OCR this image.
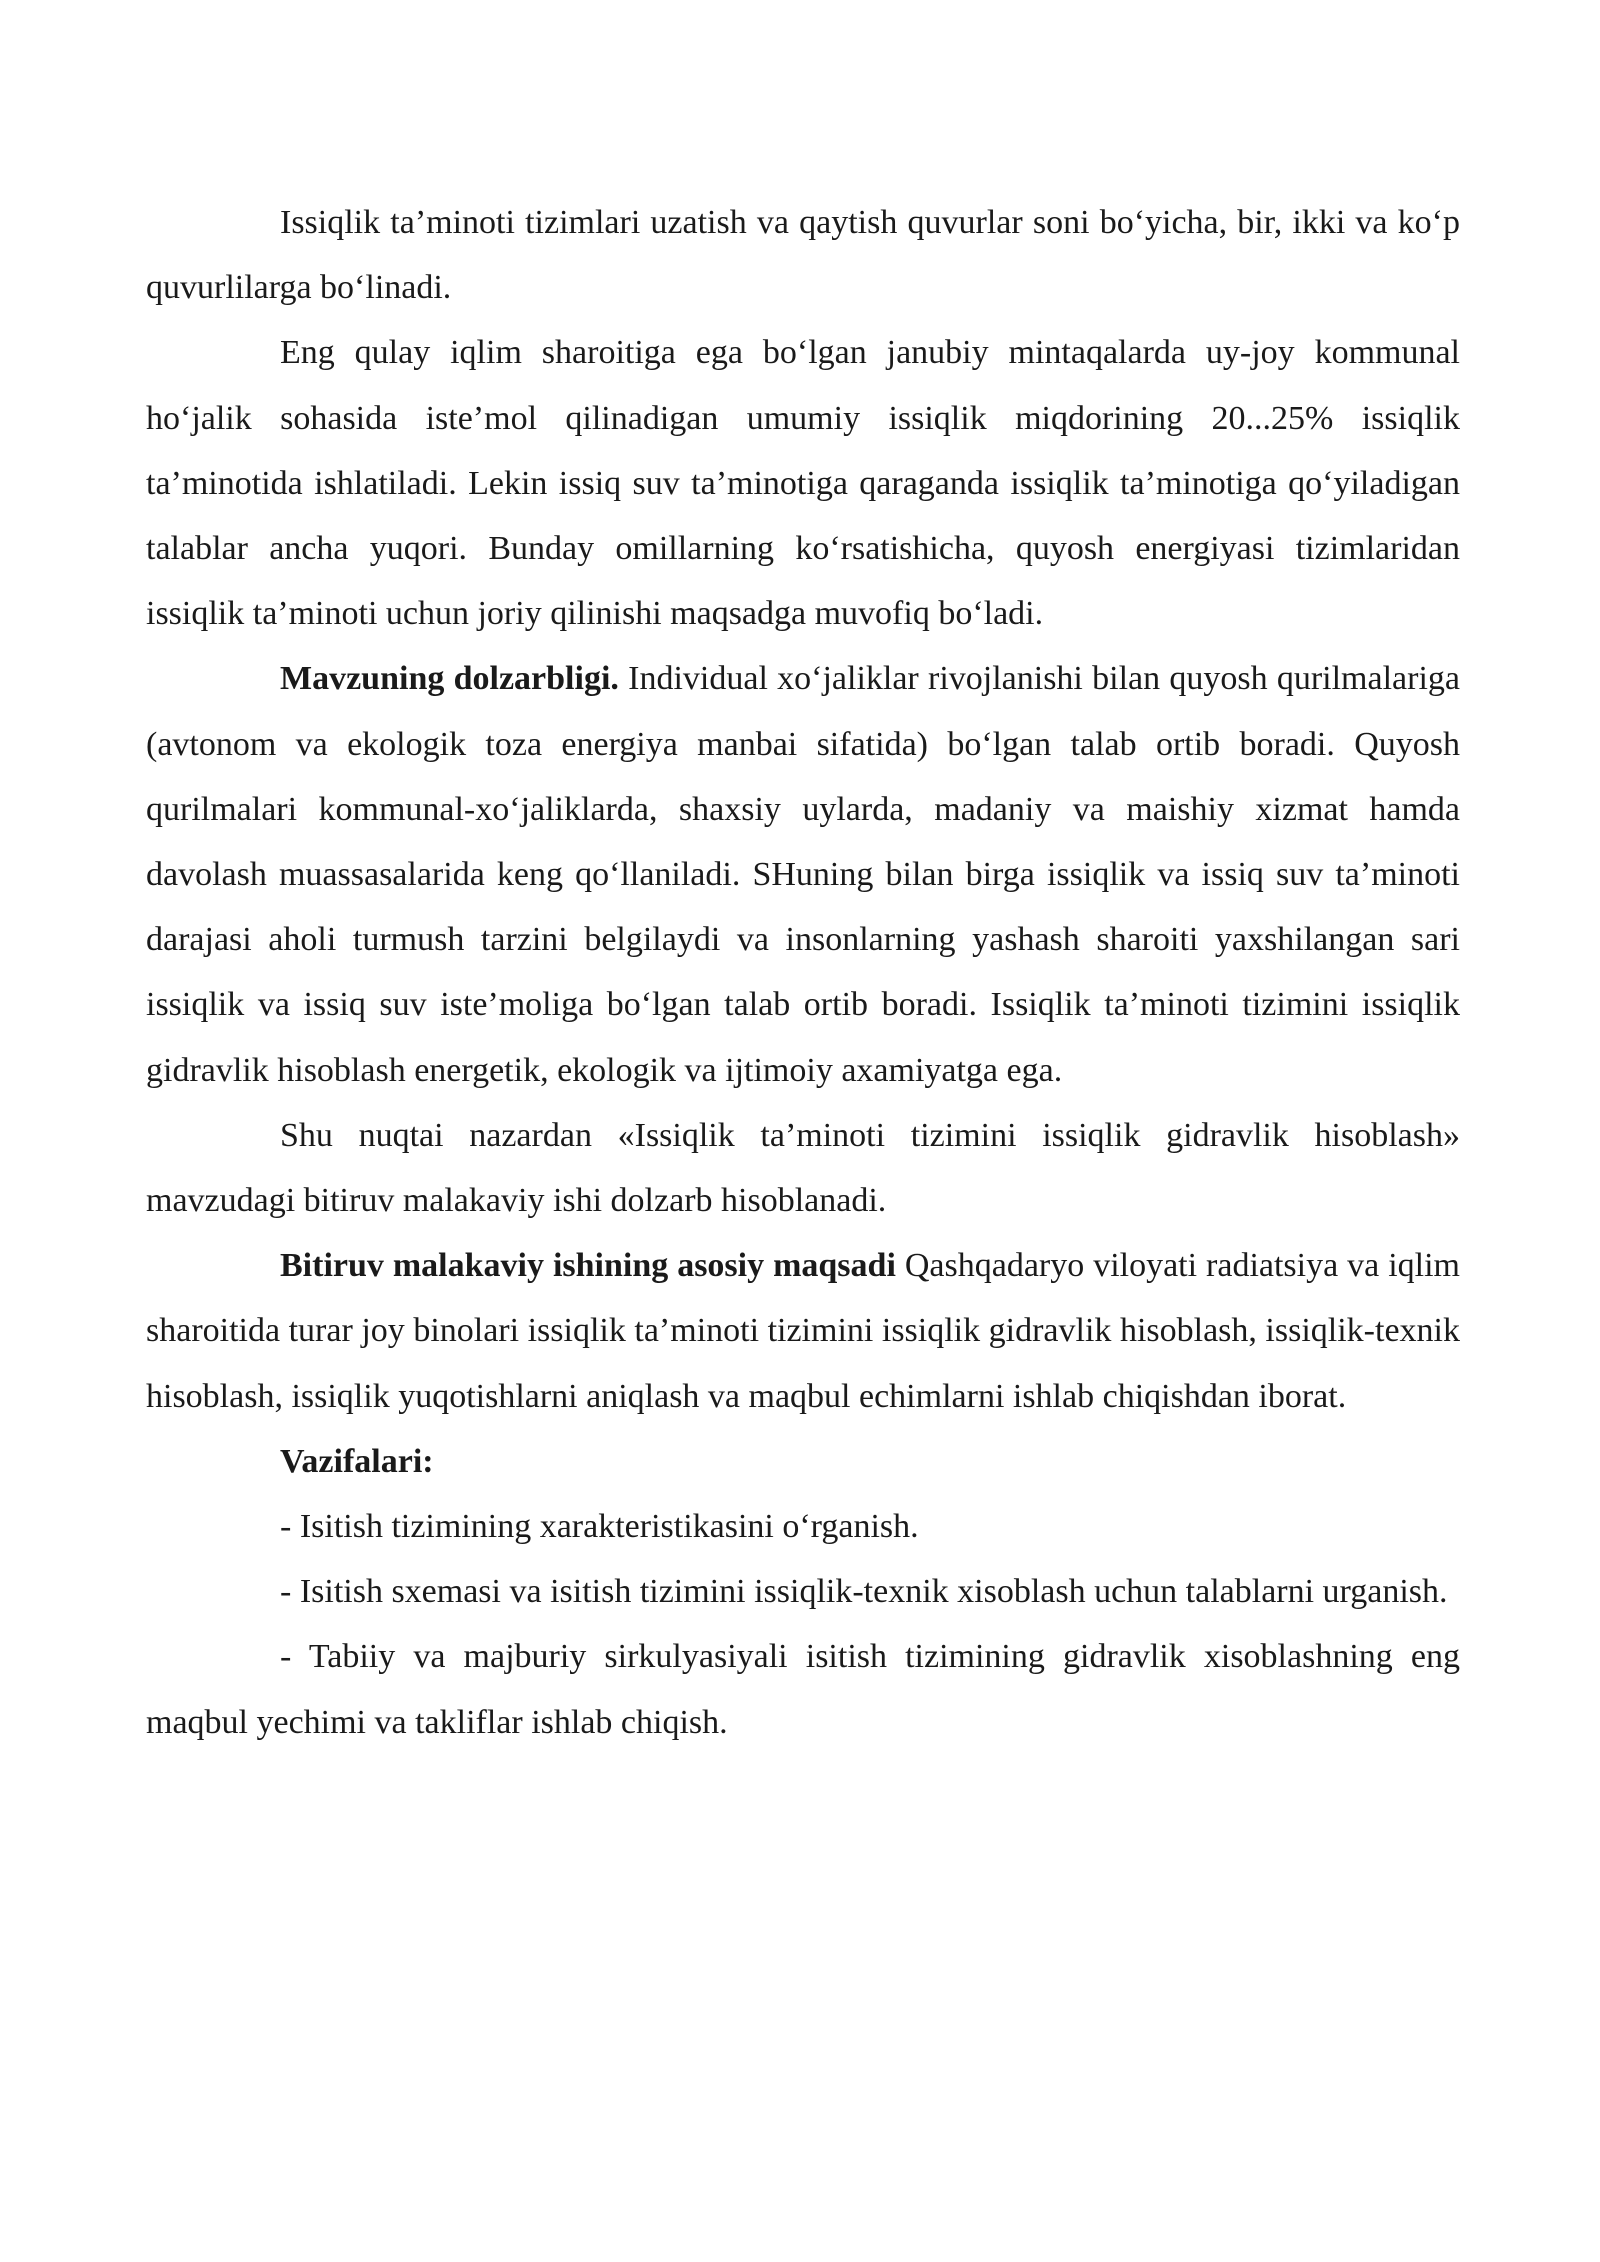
Issiqlik ta’minoti tizimlari uzatish va qaytish quvurlar soni bo‘yicha, bir, ikki va ko‘p quvurlilarga bo‘linadi.

Eng qulay iqlim sharoitiga ega bo‘lgan janubiy mintaqalarda uy-joy kommunal ho‘jalik sohasida iste’mol qilinadigan umumiy issiqlik miqdorining 20...25% issiqlik ta’minotida ishlatiladi. Lekin issiq suv ta’minotiga qaraganda issiqlik ta’minotiga qo‘yiladigan talablar ancha yuqori. Bunday omillarning ko‘rsatishicha, quyosh energiyasi tizimlaridan issiqlik ta’minoti uchun joriy qilinishi maqsadga muvofiq bo‘ladi.

Mavzuning dolzarbligi. Individual xo‘jaliklar rivojlanishi bilan quyosh qurilmalariga (avtonom va ekologik toza energiya manbai sifatida) bo‘lgan talab ortib boradi. Quyosh qurilmalari kommunal-xo‘jaliklarda, shaxsiy uylarda, madaniy va maishiy xizmat hamda davolash muassasalarida keng qo‘llaniladi. SHuning bilan birga issiqlik va issiq suv ta’minoti darajasi aholi turmush tarzini belgilaydi va insonlarning yashash sharoiti yaxshilangan sari issiqlik va issiq suv iste’moliga bo‘lgan talab ortib boradi. Issiqlik ta’minoti tizimini issiqlik gidravlik hisoblash energetik, ekologik va ijtimoiy axamiyatga ega.

Shu nuqtai nazardan «Issiqlik ta’minoti tizimini issiqlik gidravlik hisoblash» mavzudagi bitiruv malakaviy ishi dolzarb hisoblanadi.

Bitiruv malakaviy ishining asosiy maqsadi Qashqadaryo viloyati radiatsiya va iqlim sharoitida turar joy binolari issiqlik ta’minoti tizimini issiqlik gidravlik hisoblash, issiqlik-texnik hisoblash, issiqlik yuqotishlarni aniqlash va maqbul echimlarni ishlab chiqishdan iborat.

Vazifalari:

- Isitish tizimining xarakteristikasini o‘rganish.

- Isitish sxemasi va isitish tizimini issiqlik-texnik xisoblash uchun talablarni urganish.

- Tabiiy va majburiy sirkulyasiyali isitish tizimining gidravlik xisoblashning eng maqbul yechimi va takliflar ishlab chiqish.
